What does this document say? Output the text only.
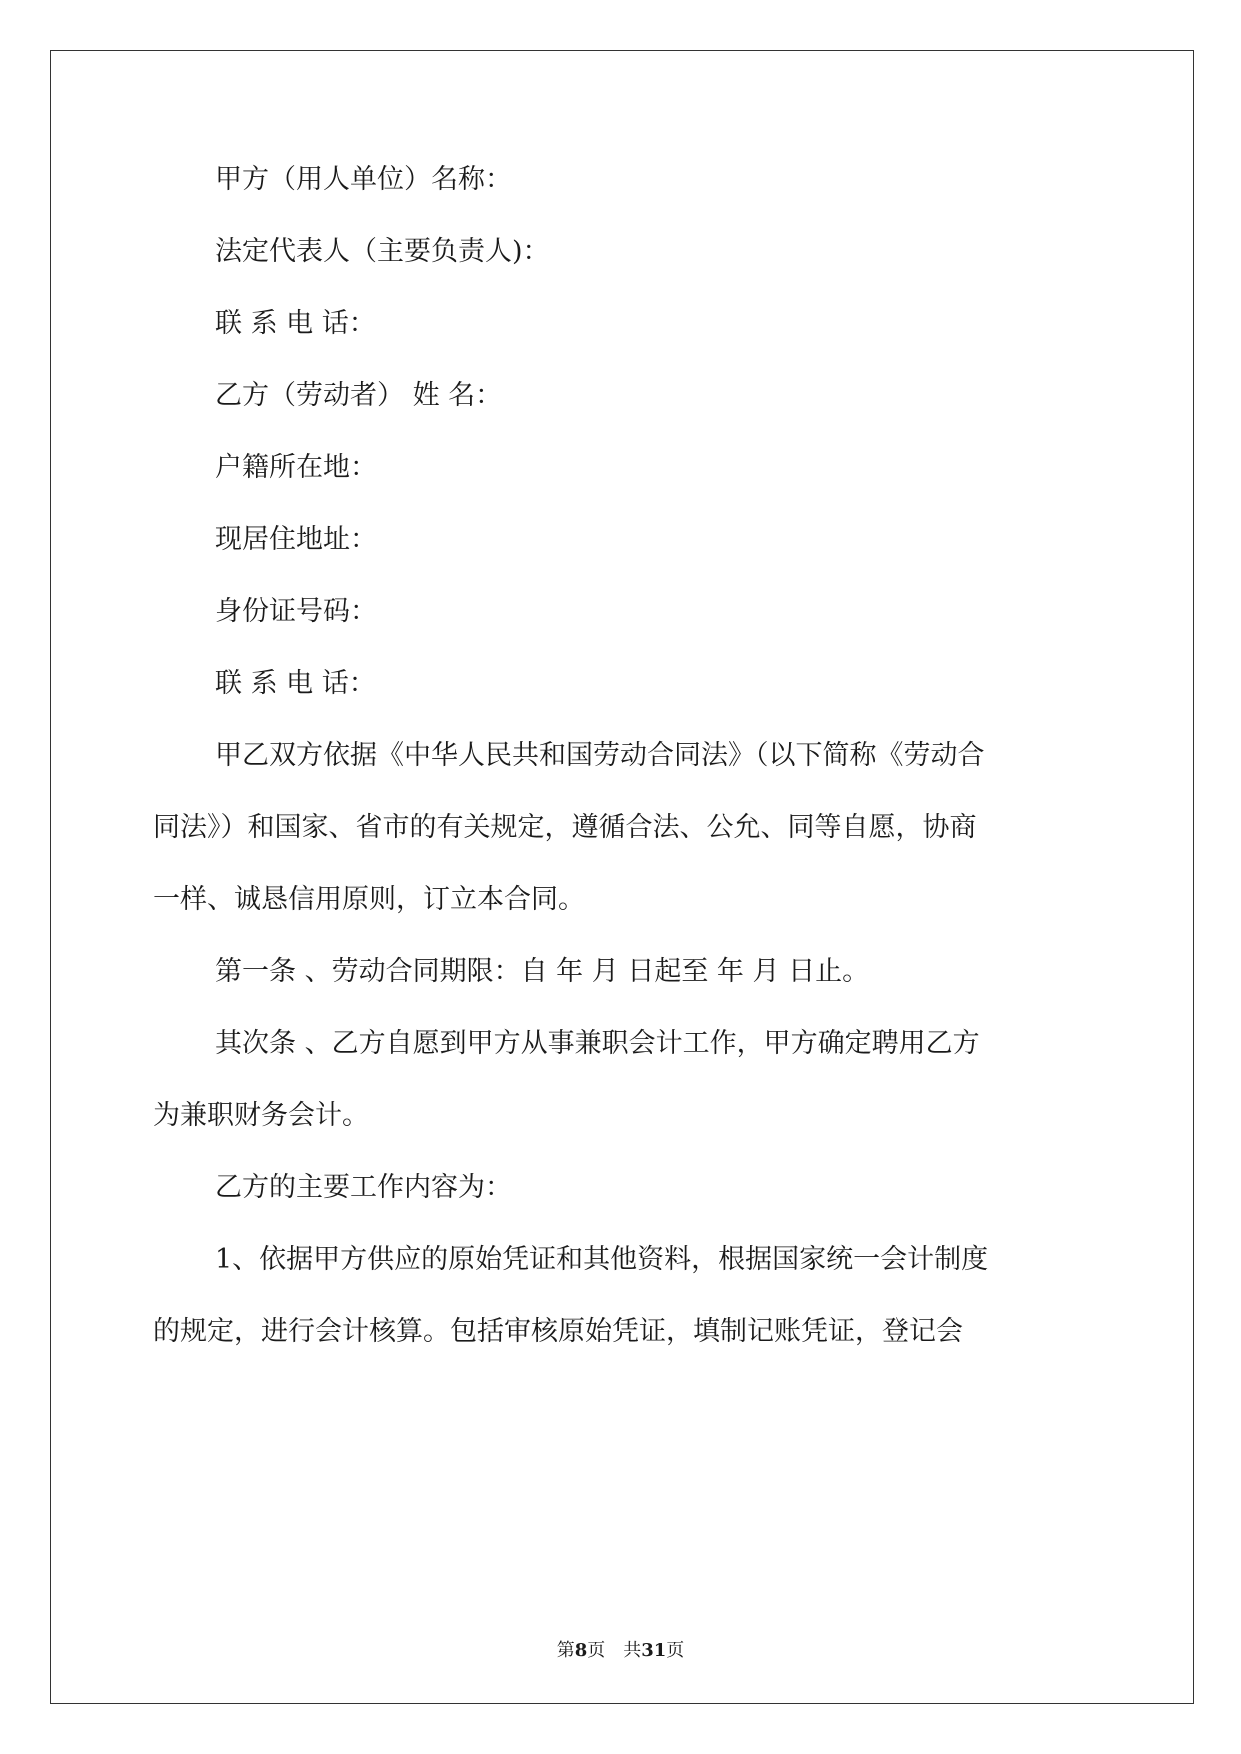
甲方（用人单位）名称：
法定代表人（主要负责人)：
联 系 电 话：
乙方（劳动者） 姓 名：
户籍所在地：
现居住地址：
身份证号码：
联 系 电 话：
甲乙双方依据《中华人民共和国劳动合同法》（以下简称《劳动合
同法》）和国家、省市的有关规定，遵循合法、公允、同等自愿，协商
一样、诚恳信用原则，订立本合同。
第一条 、劳动合同期限：自 年 月 日起至 年 月 日止。
其次条 、乙方自愿到甲方从事兼职会计工作，甲方确定聘用乙方
为兼职财务会计。
乙方的主要工作内容为：
1、依据甲方供应的原始凭证和其他资料，根据国家统一会计制度
的规定，进行会计核算。包括审核原始凭证，填制记账凭证，登记会
第8页 共31页
